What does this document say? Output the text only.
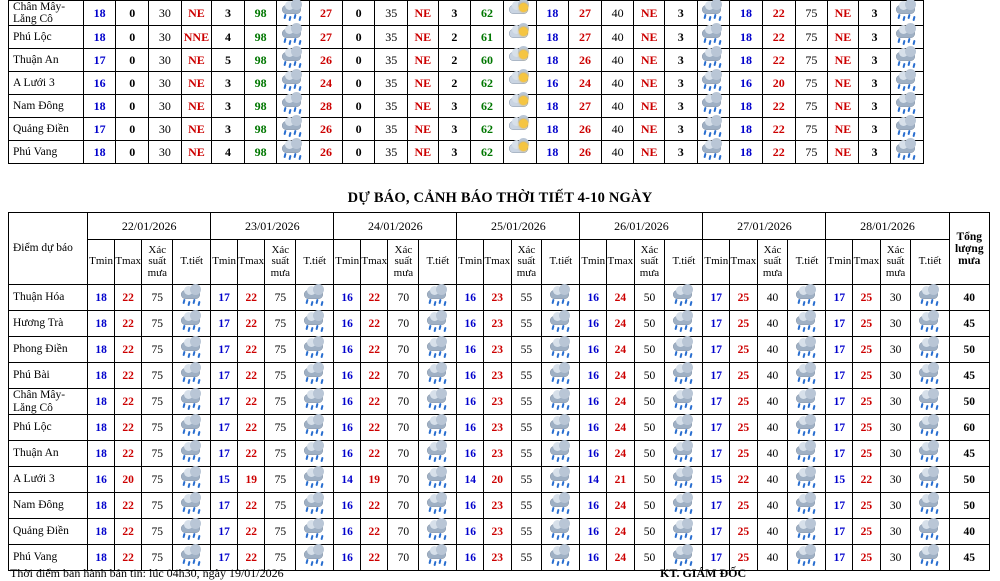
Chân Mây-Lăng Cô	18	0	30	NE	3	98		27	0	35	NE	3	62		18	27	40	NE	3		18	22	75	NE	3	

Phú Lộc	18	0	30	NNE	4	98		27	0	35	NE	2	61		18	27	40	NE	3		18	22	75	NE	3	

Thuận An	17	0	30	NE	5	98		26	0	35	NE	2	60		18	26	40	NE	3		18	22	75	NE	3	

A Lưới 3	16	0	30	NE	3	98		24	0	35	NE	2	62		16	24	40	NE	3		16	20	75	NE	3	

Nam Đông	18	0	30	NE	3	98		28	0	35	NE	3	62		18	27	40	NE	3		18	22	75	NE	3	

Quảng Điền	17	0	30	NE	3	98		26	0	35	NE	3	62		18	26	40	NE	3		18	22	75	NE	3	

Phú Vang	18	0	30	NE	4	98		26	0	35	NE	3	62		18	26	40	NE	3		18	22	75	NE	3	
DỰ BÁO, CẢNH BÁO THỜI TIẾT 4-10 NGÀY
Điểm dự báo	22/01/2026				23/01/2026				24/01/2026				25/01/2026				26/01/2026				27/01/2026				28/01/2026				Tổng lượng mưa
	Tmin	Tmax	Xác suất mưa	T.tiết	Tmin	Tmax	Xác suất mưa	T.tiết	Tmin	Tmax	Xác suất mưa	T.tiết	Tmin	Tmax	Xác suất mưa	T.tiết	Tmin	Tmax	Xác suất mưa	T.tiết	Tmin	Tmax	Xác suất mưa	T.tiết	Tmin	Tmax	Xác suất mưa	T.tiết	
Thuận Hóa	18	22	75		17	22	75		16	22	70		16	23	55		16	24	50		17	25	40		17	25	30		40
Hương Trà	18	22	75		17	22	75		16	22	70		16	23	55		16	24	50		17	25	40		17	25	30		45
Phong Điền	18	22	75		17	22	75		16	22	70		16	23	55		16	24	50		17	25	40		17	25	30		50
Phú Bài	18	22	75		17	22	75		16	22	70		16	23	55		16	24	50		17	25	40		17	25	30		45
Chân Mây-Lăng Cô	18	22	75		17	22	75		16	22	70		16	23	55		16	24	50		17	25	40		17	25	30		50
Phú Lộc	18	22	75		17	22	75		16	22	70		16	23	55		16	24	50		17	25	40		17	25	30		60
Thuận An	18	22	75		17	22	75		16	22	70		16	23	55		16	24	50		17	25	40		17	25	30		45
A Lưới 3	16	20	75		15	19	75		14	19	70		14	20	55		14	21	50		15	22	40		15	22	30		50
Nam Đông	18	22	75		17	22	75		16	22	70		16	23	55		16	24	50		17	25	40		17	25	30		50
Quảng Điền	18	22	75		17	22	75		16	22	70		16	23	55		16	24	50		17	25	40		17	25	30		40
Phú Vang	18	22	75		17	22	75		16	22	70		16	23	55		16	24	50		17	25	40		17	25	30		45
Thời điểm ban hành bản tin: lúc 04h30, ngày 19/01/2026	KT. GIÁM ĐỐC
